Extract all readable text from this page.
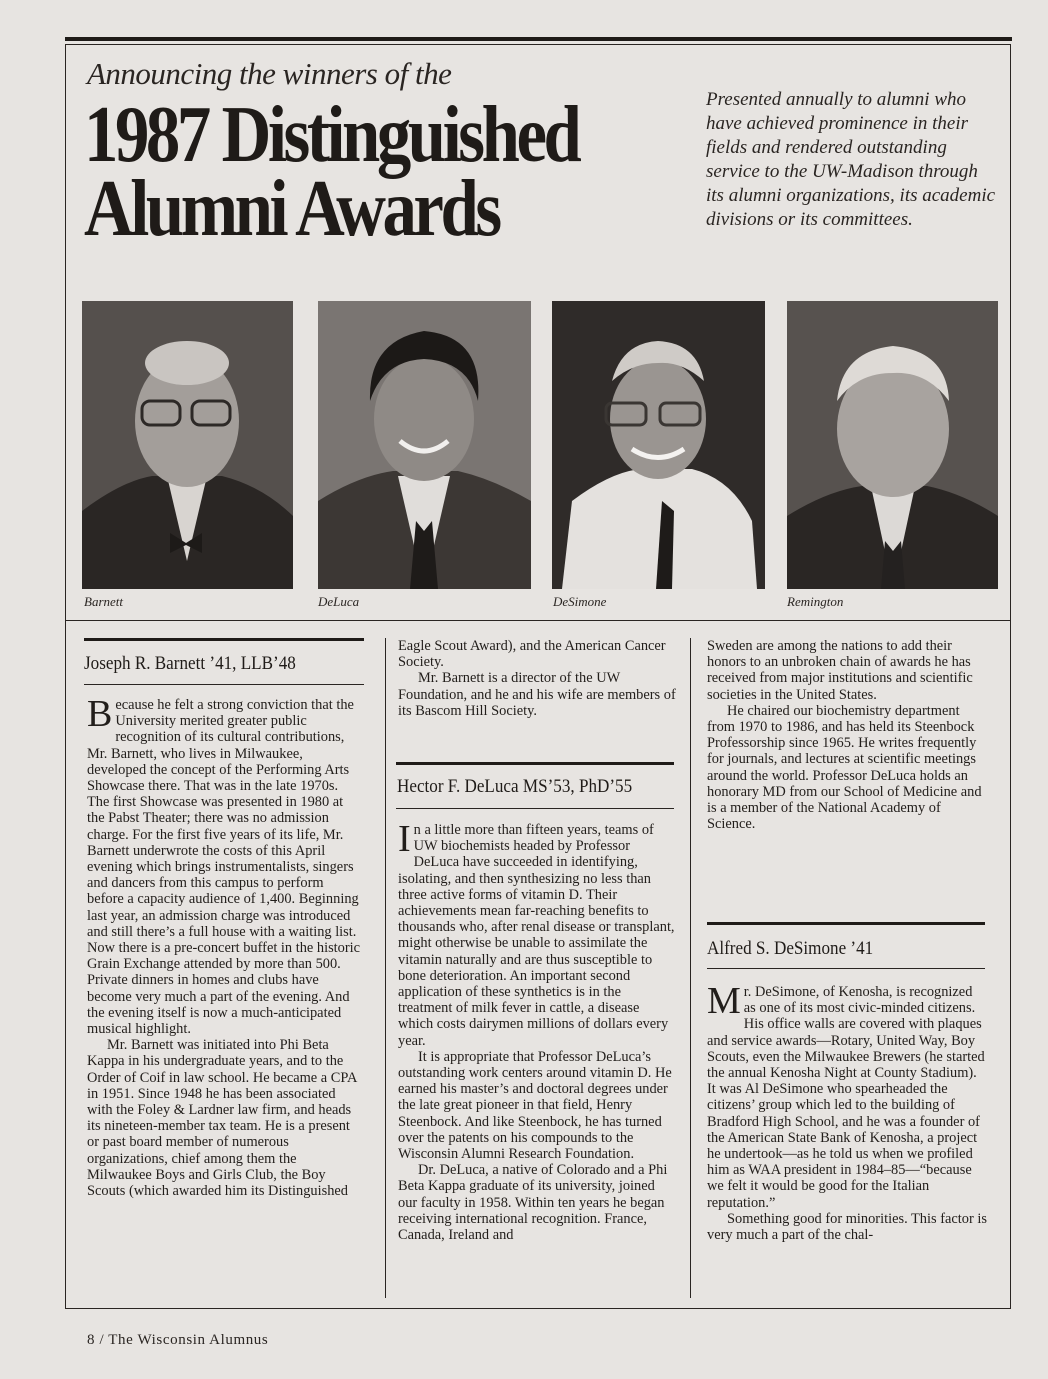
Announcing the winners of the
1987 Distinguished
Alumni Awards
Presented annually to alumni who have achieved prominence in their fields and rendered outstanding service to the UW-Madison through its alumni organizations, its academic divisions or its committees.
Barnett	DeLuca	DeSimone	Remington
Joseph R. Barnett ’41, LLB’48

Because he felt a strong conviction that the University merited greater public recognition of its cultural contributions, Mr. Barnett, who lives in Milwaukee, developed the concept of the Performing Arts Showcase there. That was in the late 1970s. The first Showcase was presented in 1980 at the Pabst Theater; there was no admission charge. For the first five years of its life, Mr. Barnett underwrote the costs of this April evening which brings instrumentalists, singers and dancers from this campus to perform before a capacity audience of 1,400. Beginning last year, an admission charge was introduced and still there’s a full house with a waiting list. Now there is a pre-concert buffet in the historic Grain Exchange attended by more than 500. Private dinners in homes and clubs have become very much a part of the evening. And the evening itself is now a much-anticipated musical highlight.

Mr. Barnett was initiated into Phi Beta Kappa in his undergraduate years, and to the Order of Coif in law school. He became a CPA in 1951. Since 1948 he has been associated with the Foley & Lardner law firm, and heads its nineteen-member tax team. He is a present or past board member of numerous organizations, chief among them the Milwaukee Boys and Girls Club, the Boy Scouts (which awarded him its Distinguished

Eagle Scout Award), and the American Cancer Society.

Mr. Barnett is a director of the UW Foundation, and he and his wife are members of its Bascom Hill Society.

Hector F. DeLuca MS’53, PhD’55

In a little more than fifteen years, teams of UW biochemists headed by Professor DeLuca have succeeded in identifying, isolating, and then synthesizing no less than three active forms of vitamin D. Their achievements mean far-reaching benefits to thousands who, after renal disease or transplant, might otherwise be unable to assimilate the vitamin naturally and are thus susceptible to bone deterioration. An important second application of these synthetics is in the treatment of milk fever in cattle, a disease which costs dairymen millions of dollars every year.

It is appropriate that Professor DeLuca’s outstanding work centers around vitamin D. He earned his master’s and doctoral degrees under the late great pioneer in that field, Henry Steenbock. And like Steenbock, he has turned over the patents on his compounds to the Wisconsin Alumni Research Foundation.

Dr. DeLuca, a native of Colorado and a Phi Beta Kappa graduate of its university, joined our faculty in 1958. Within ten years he began receiving international recognition. France, Canada, Ireland and

Sweden are among the nations to add their honors to an unbroken chain of awards he has received from major institutions and scientific societies in the United States.

He chaired our biochemistry department from 1970 to 1986, and has held its Steenbock Professorship since 1965. He writes frequently for journals, and lectures at scientific meetings around the world. Professor DeLuca holds an honorary MD from our School of Medicine and is a member of the National Academy of Science.

Alfred S. DeSimone ’41

Mr. DeSimone, of Kenosha, is recognized as one of its most civic-minded citizens. His office walls are covered with plaques and service awards—Rotary, United Way, Boy Scouts, even the Milwaukee Brewers (he started the annual Kenosha Night at County Stadium). It was Al DeSimone who spearheaded the citizens’ group which led to the building of Bradford High School, and he was a founder of the American State Bank of Kenosha, a project he undertook—as he told us when we profiled him as WAA president in 1984–85—“because we felt it would be good for the Italian reputation.”

Something good for minorities. This factor is very much a part of the chal-

8 / The Wisconsin Alumnus
